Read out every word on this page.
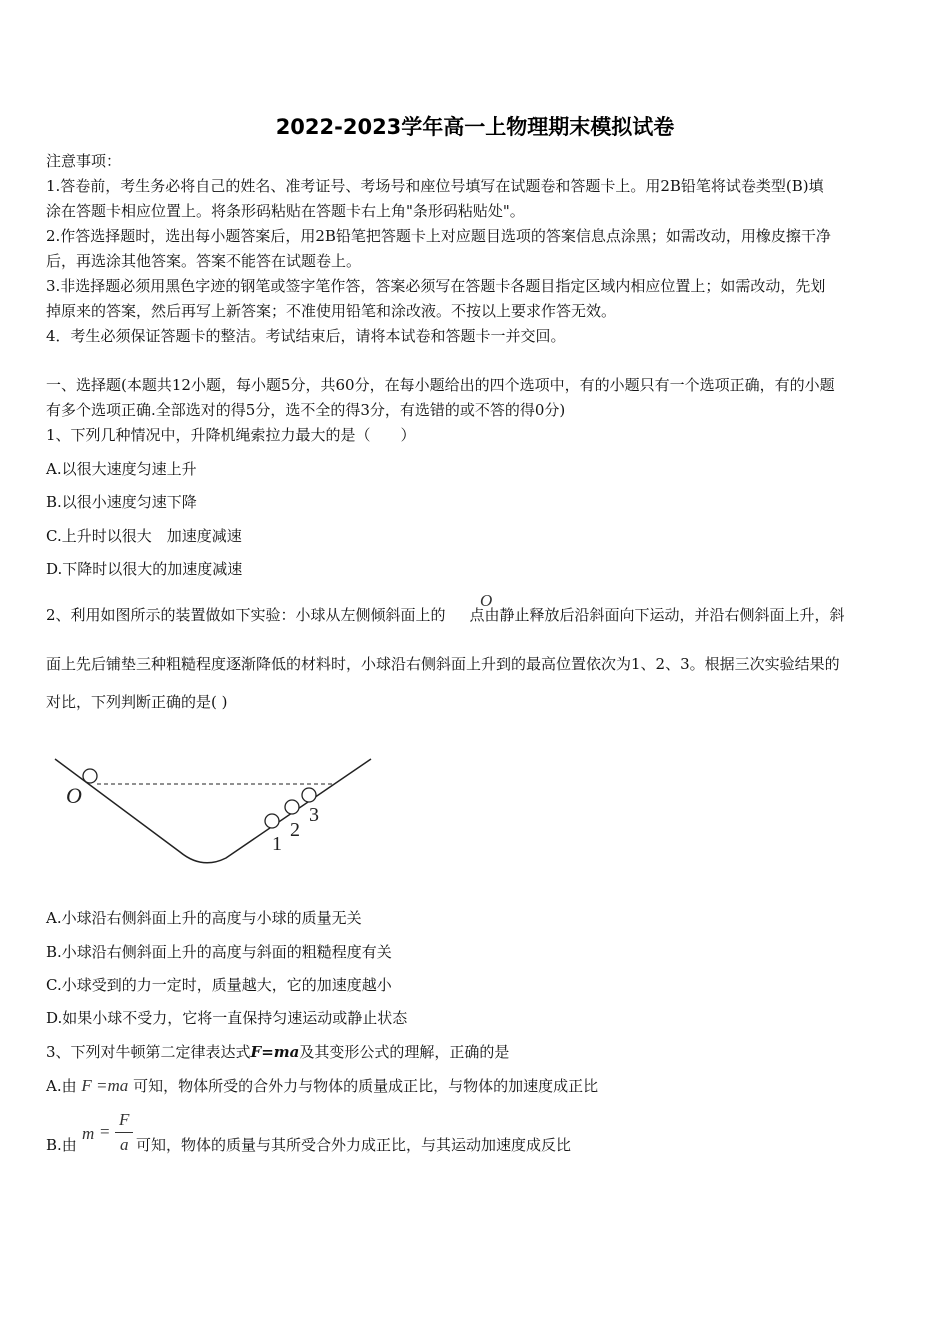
2022-2023学年高一上物理期末模拟试卷
注意事项：
1.答卷前，考生务必将自己的姓名、准考证号、考场号和座位号填写在试题卷和答题卡上。用2B铅笔将试卷类型(B)填
涂在答题卡相应位置上。将条形码粘贴在答题卡右上角"条形码粘贴处"。
2.作答选择题时，选出每小题答案后，用2B铅笔把答题卡上对应题目选项的答案信息点涂黑；如需改动，用橡皮擦干净
后，再选涂其他答案。答案不能答在试题卷上。
3.非选择题必须用黑色字迹的钢笔或签字笔作答，答案必须写在答题卡各题目指定区域内相应位置上；如需改动，先划
掉原来的答案，然后再写上新答案；不准使用铅笔和涂改液。不按以上要求作答无效。
4．考生必须保证答题卡的整洁。考试结束后，请将本试卷和答题卡一并交回。
一、选择题(本题共12小题，每小题5分，共60分，在每小题给出的四个选项中，有的小题只有一个选项正确，有的小题
有多个选项正确.全部选对的得5分，选不全的得3分，有选错的或不答的得0分)
1、下列几种情况中，升降机绳索拉力最大的是（　　）
A.以很大速度匀速上升
B.以很小速度匀速下降
C.上升时以很大　加速度减速
D.下降时以很大的加速度减速
2、利用如图所示的装置做如下实验：小球从左侧倾斜面上的 点由静止释放后沿斜面向下运动，并沿右侧斜面上升，斜
O
面上先后铺垫三种粗糙程度逐渐降低的材料时，小球沿右侧斜面上升到的最高位置依次为1、2、3。根据三次实验结果的
对比，下列判断正确的是( )
O
1
2
3
A.小球沿右侧斜面上升的高度与小球的质量无关
B.小球沿右侧斜面上升的高度与斜面的粗糙程度有关
C.小球受到的力一定时，质量越大，它的加速度越小
D.如果小球不受力，它将一直保持匀速运动或静止状态
3、下列对牛顿第二定律表达式F=ma及其变形公式的理解，正确的是
A.由 F =ma 可知，物体所受的合外力与物体的质量成正比，与物体的加速度成正比
B.由
m =
F
a 可知，物体的质量与其所受合外力成正比，与其运动加速度成反比
